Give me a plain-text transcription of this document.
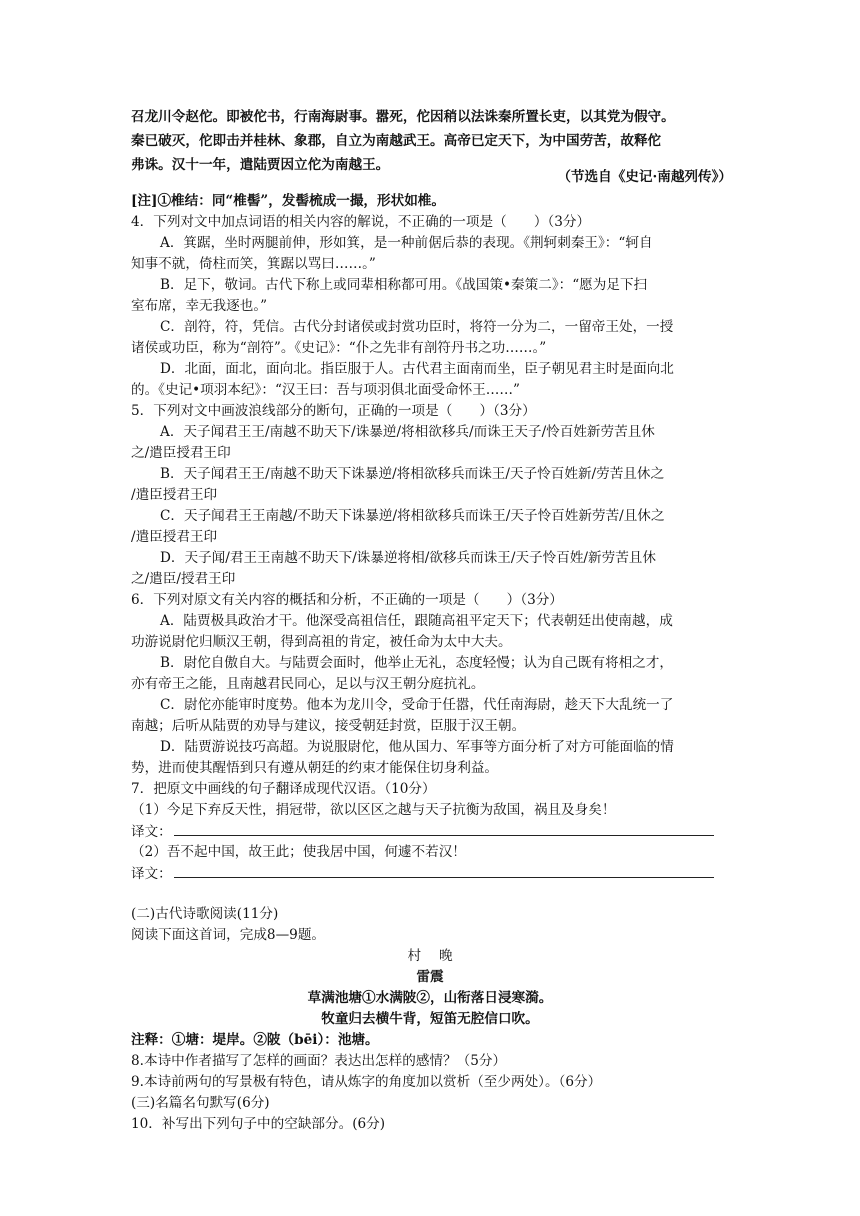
召龙川令赵佗。即被佗书，行南海尉事。嚣死，佗因稍以法诛秦所置长吏，以其党为假守。
秦已破灭，佗即击并桂林、象郡，自立为南越武王。高帝已定天下，为中国劳苦，故释佗
弗诛。汉十一年，遣陆贾因立佗为南越王。
（节选自《史记·南越列传》）
[注]①椎结：同“椎髻”，发髻梳成一撮，形状如椎。
4．下列对文中加点词语的相关内容的解说，不正确的一项是（　　）（3分）
A．箕踞，坐时两腿前伸，形如箕，是一种前倨后恭的表现。《荆轲刺秦王》：“轲自
知事不就，倚柱而笑，箕踞以骂曰……。”
B．足下，敬词。古代下称上或同辈相称都可用。《战国策•秦策二》：“愿为足下扫
室布席，幸无我逐也。”
C．剖符，符，凭信。古代分封诸侯或封赏功臣时，将符一分为二，一留帝王处，一授
诸侯或功臣，称为“剖符”。《史记》：“仆之先非有剖符丹书之功……。”
D．北面，面北，面向北。指臣服于人。古代君主面南而坐，臣子朝见君主时是面向北
的。《史记•项羽本纪》：“汉王曰：吾与项羽俱北面受命怀王……”
5．下列对文中画波浪线部分的断句，正确的一项是（　　）（3分）
A．天子闻君王王/南越不助天下/诛暴逆/将相欲移兵/而诛王天子/怜百姓新劳苦且休
之/遣臣授君王印
B．天子闻君王王/南越不助天下诛暴逆/将相欲移兵而诛王/天子怜百姓新/劳苦且休之
/遣臣授君王印
C．天子闻君王王南越/不助天下诛暴逆/将相欲移兵而诛王/天子怜百姓新劳苦/且休之
/遣臣授君王印
D．天子闻/君王王南越不助天下/诛暴逆将相/欲移兵而诛王/天子怜百姓/新劳苦且休
之/遣臣/授君王印
6．下列对原文有关内容的概括和分析，不正确的一项是（　　）（3分）
A．陆贾极具政治才干。他深受高祖信任，跟随高祖平定天下；代表朝廷出使南越，成
功游说尉佗归顺汉王朝，得到高祖的肯定，被任命为太中大夫。
B．尉佗自傲自大。与陆贾会面时，他举止无礼，态度轻慢；认为自己既有将相之才，
亦有帝王之能，且南越君民同心，足以与汉王朝分庭抗礼。
C．尉佗亦能审时度势。他本为龙川令，受命于任嚣，代任南海尉，趁天下大乱统一了
南越；后听从陆贾的劝导与建议，接受朝廷封赏，臣服于汉王朝。
D．陆贾游说技巧高超。为说服尉佗，他从国力、军事等方面分析了对方可能面临的情
势，进而使其醒悟到只有遵从朝廷的约束才能保住切身利益。
7．把原文中画线的句子翻译成现代汉语。（10分）
（1）今足下弃反天性，捐冠带，欲以区区之越与天子抗衡为敌国，祸且及身矣！
译文：
（2）吾不起中国，故王此；使我居中国，何遽不若汉！
译文：
(二)古代诗歌阅读(11分)
阅读下面这首词，完成8—9题。
村　 晚
雷震
草满池塘①水满陂②，山衔落日浸寒漪。
牧童归去横牛背，短笛无腔信口吹。
注释：①塘：堤岸。②陂（bēi）：池塘。
8.本诗中作者描写了怎样的画面？表达出怎样的感情？（5分）
9.本诗前两句的写景极有特色，请从炼字的角度加以赏析（至少两处）。（6分）
(三)名篇名句默写(6分)
10．补写出下列句子中的空缺部分。(6分)
